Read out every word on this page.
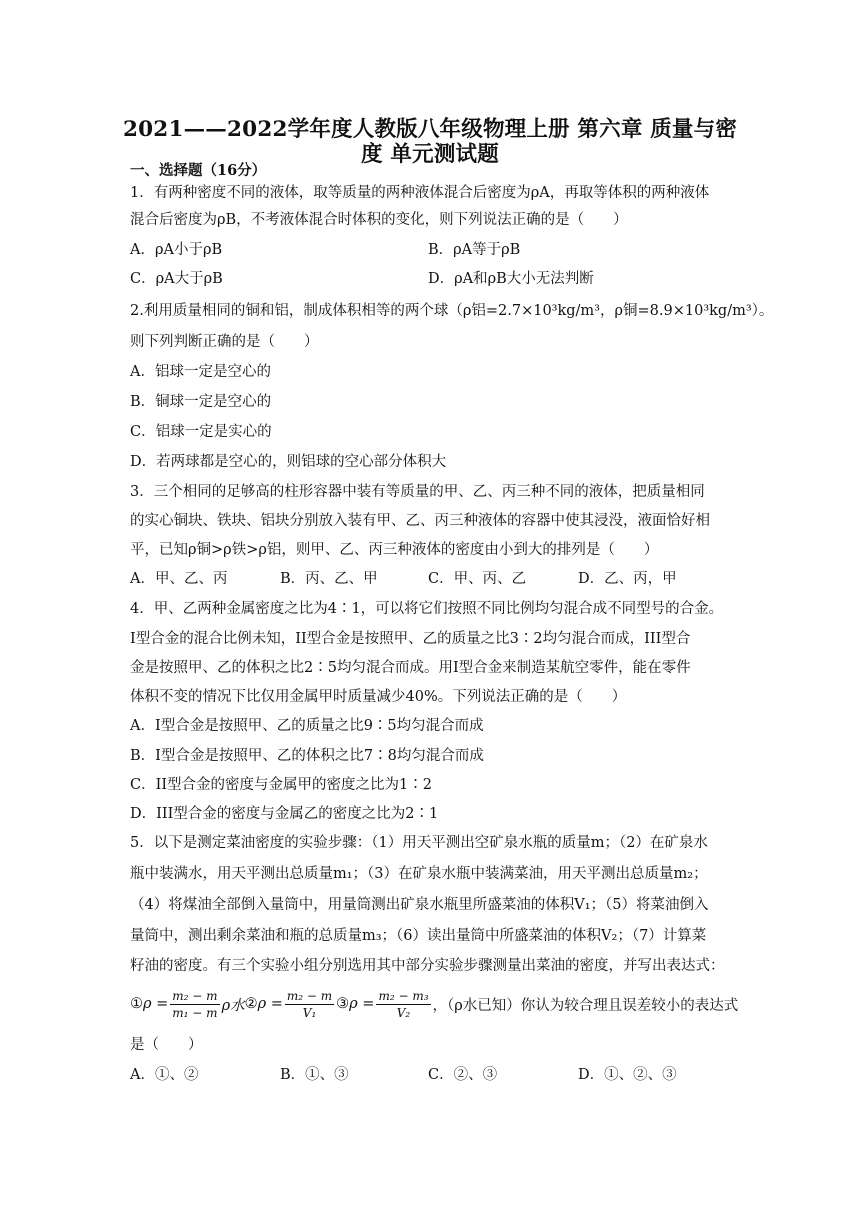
2021——2022学年度人教版八年级物理上册 第六章 质量与密
度 单元测试题
一、选择题（16分）
1．有两种密度不同的液体，取等质量的两种液体混合后密度为ρA，再取等体积的两种液体
混合后密度为ρB，不考液体混合时体积的变化，则下列说法正确的是（　　）
A．ρA小于ρB	B．ρA等于ρB
C．ρA大于ρB	D．ρA和ρB大小无法判断
2.利用质量相同的铜和铝，制成体积相等的两个球（ρ铝=2.7×10³kg/m³，ρ铜=8.9×10³kg/m³）。
则下列判断正确的是（　　）
A．铝球一定是空心的
B．铜球一定是空心的
C．铝球一定是实心的
D．若两球都是空心的，则铝球的空心部分体积大
3．三个相同的足够高的柱形容器中装有等质量的甲、乙、丙三种不同的液体，把质量相同
的实心铜块、铁块、铝块分别放入装有甲、乙、丙三种液体的容器中使其浸没，液面恰好相
平，已知ρ铜>ρ铁>ρ铝，则甲、乙、丙三种液体的密度由小到大的排列是（　　）
A．甲、乙、丙	B．丙、乙、甲	C．甲、丙、乙	D．乙、丙，甲
4．甲、乙两种金属密度之比为4∶1，可以将它们按照不同比例均匀混合成不同型号的合金。
I型合金的混合比例未知，II型合金是按照甲、乙的质量之比3∶2均匀混合而成，III型合
金是按照甲、乙的体积之比2∶5均匀混合而成。用I型合金来制造某航空零件，能在零件
体积不变的情况下比仅用金属甲时质量减少40%。下列说法正确的是（　　）
A．I型合金是按照甲、乙的质量之比9∶5均匀混合而成
B．I型合金是按照甲、乙的体积之比7∶8均匀混合而成
C．II型合金的密度与金属甲的密度之比为1∶2
D．III型合金的密度与金属乙的密度之比为2∶1
5．以下是测定菜油密度的实验步骤：（1）用天平测出空矿泉水瓶的质量m；（2）在矿泉水
瓶中装满水，用天平测出总质量m₁；（3）在矿泉水瓶中装满菜油，用天平测出总质量m₂；
（4）将煤油全部倒入量筒中，用量筒测出矿泉水瓶里所盛菜油的体积V₁；（5）将菜油倒入
量筒中，测出剩余菜油和瓶的总质量m₃；（6）读出量筒中所盛菜油的体积V₂；（7）计算菜
籽油的密度。有三个实验小组分别选用其中部分实验步骤测量出菜油的密度，并写出表达式：
① $\rho = \frac{\text{m₂ − m}}{\text{m₁ − m}}$ ρ水 ② $\rho = \frac{\text{m₂ − m}}{\text{V₁}}$ ③ $\rho = \frac{\text{m₂ − m₃}}{\text{V₂}}$ ，（ρ水已知）你认为较合理且误差较小的表达式
是（　　）
A．①、②	B．①、③	C．②、③	D．①、②、③
